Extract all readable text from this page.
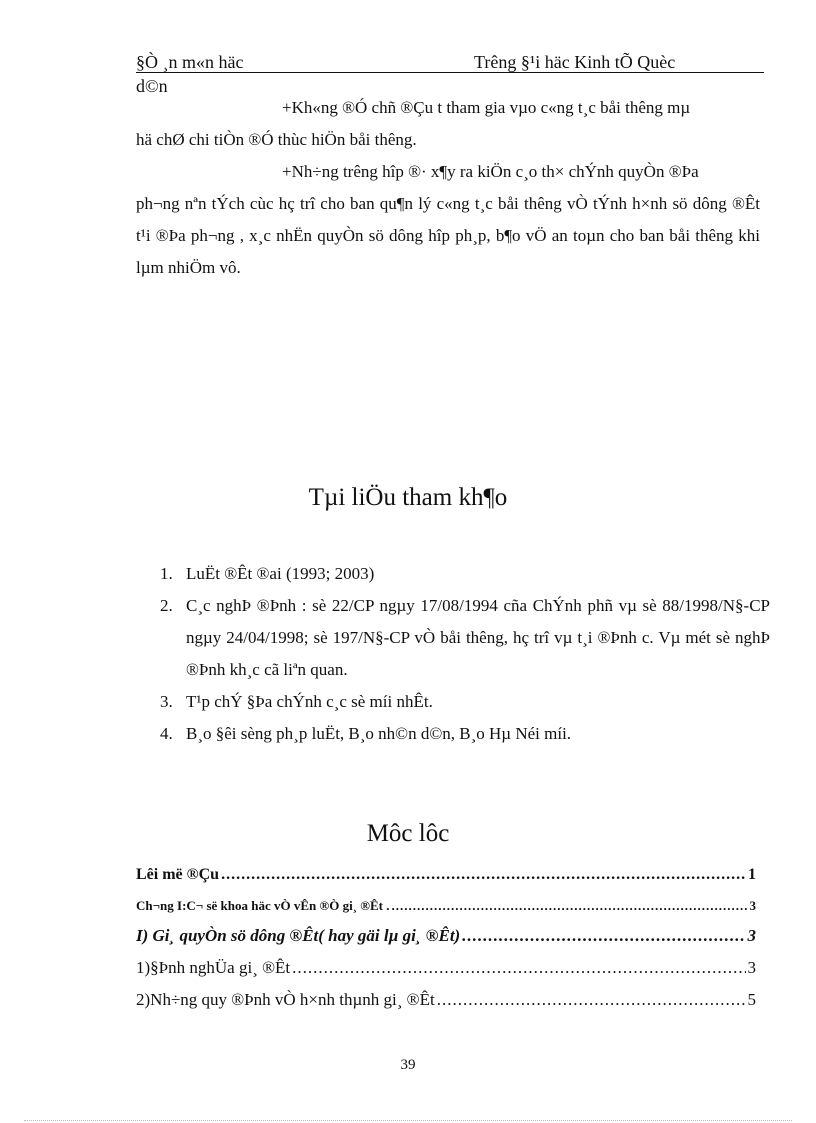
§Ò ¸n m«n häc	Trêng §¹i häc Kinh tÕ Quèc
d©n

+Kh«ng ®Ó chñ ®Çu t tham gia vµo c«ng t¸c båi thêng mµ
hä chØ chi tiÒn ®Ó thùc hiÖn båi thêng.

+Nh÷ng trêng hîp ®· x¶y ra kiÖn c¸o th× chÝnh quyÒn ®Þa
ph¬ng nªn tÝch cùc hç trî cho ban qu¶n lý c«ng t¸c båi thêng vÒ tÝnh h×nh sö dông ®Êt t¹i ®Þa ph¬ng , x¸c nhËn quyÒn sö dông hîp ph¸p, b¶o vÖ an toµn cho ban båi thêng khi lµm nhiÖm vô.

Tµi liÖu tham kh¶o
1. LuËt ®Êt ®ai (1993; 2003)
2. C¸c nghÞ ®Þnh : sè 22/CP ngµy 17/08/1994 cña ChÝnh phñ vµ sè 88/1998/N§-CP ngµy 24/04/1998; sè 197/N§-CP vÒ båi thêng, hç trî vµ t¸i ®Þnh c. Vµ mét sè nghÞ ®Þnh kh¸c cã liªn quan.
3. T¹p chÝ §Þa chÝnh c¸c sè míi nhÊt.
4. B¸o §êi sèng ph¸p luËt, B¸o nh©n d©n, B¸o Hµ Néi míi.
Môc lôc
Lêi më ®Çu .....	1
Ch¬ng I:C¬ së khoa häc vÒ vÊn ®Ò gi¸ ®Êt . .....	3
I) Gi¸ quyÒn sö dông ®Êt( hay gäi lµ gi¸ ®Êt) .....	3
1)§Þnh nghÜa gi¸ ®Êt .....	3
2)Nh÷ng quy ®Þnh vÒ h×nh thµnh gi¸ ®Êt .....	5
39
